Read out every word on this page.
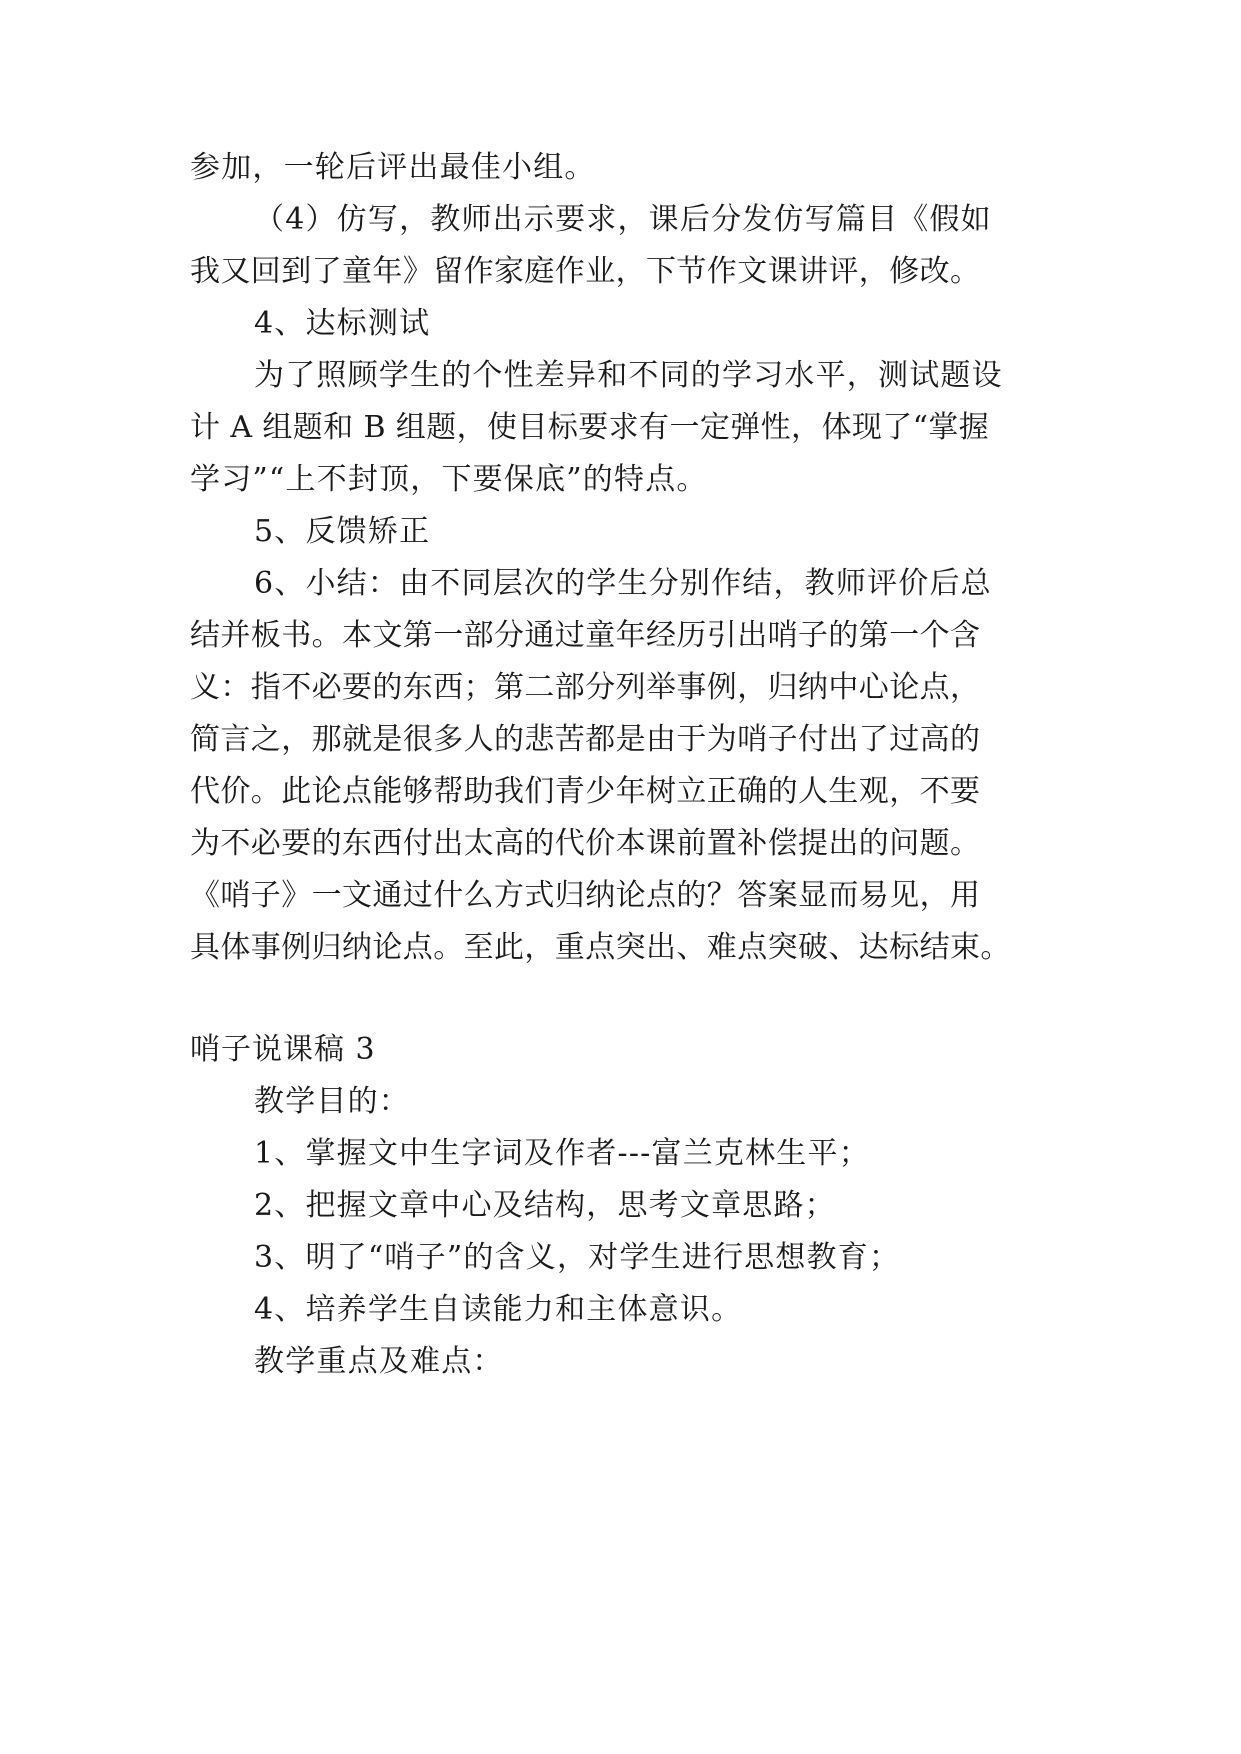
参加，一轮后评出最佳小组。

（4）仿写，教师出示要求，课后分发仿写篇目《假如

我又回到了童年》留作家庭作业，下节作文课讲评，修改。

4、达标测试

为了照顾学生的个性差异和不同的学习水平，测试题设

计 A 组题和 B 组题，使目标要求有一定弹性，体现了“掌握

学习”“上不封顶，下要保底”的特点。

5、反馈矫正

6、小结：由不同层次的学生分别作结，教师评价后总

结并板书。本文第一部分通过童年经历引出哨子的第一个含

义：指不必要的东西；第二部分列举事例，归纳中心论点，

简言之，那就是很多人的悲苦都是由于为哨子付出了过高的

代价。此论点能够帮助我们青少年树立正确的人生观，不要

为不必要的东西付出太高的代价本课前置补偿提出的问题。

《哨子》一文通过什么方式归纳论点的？答案显而易见，用

具体事例归纳论点。至此，重点突出、难点突破、达标结束。

哨子说课稿 3

教学目的：

1、掌握文中生字词及作者---富兰克林生平；

2、把握文章中心及结构，思考文章思路；

3、明了“哨子”的含义，对学生进行思想教育；

4、培养学生自读能力和主体意识。

教学重点及难点：
